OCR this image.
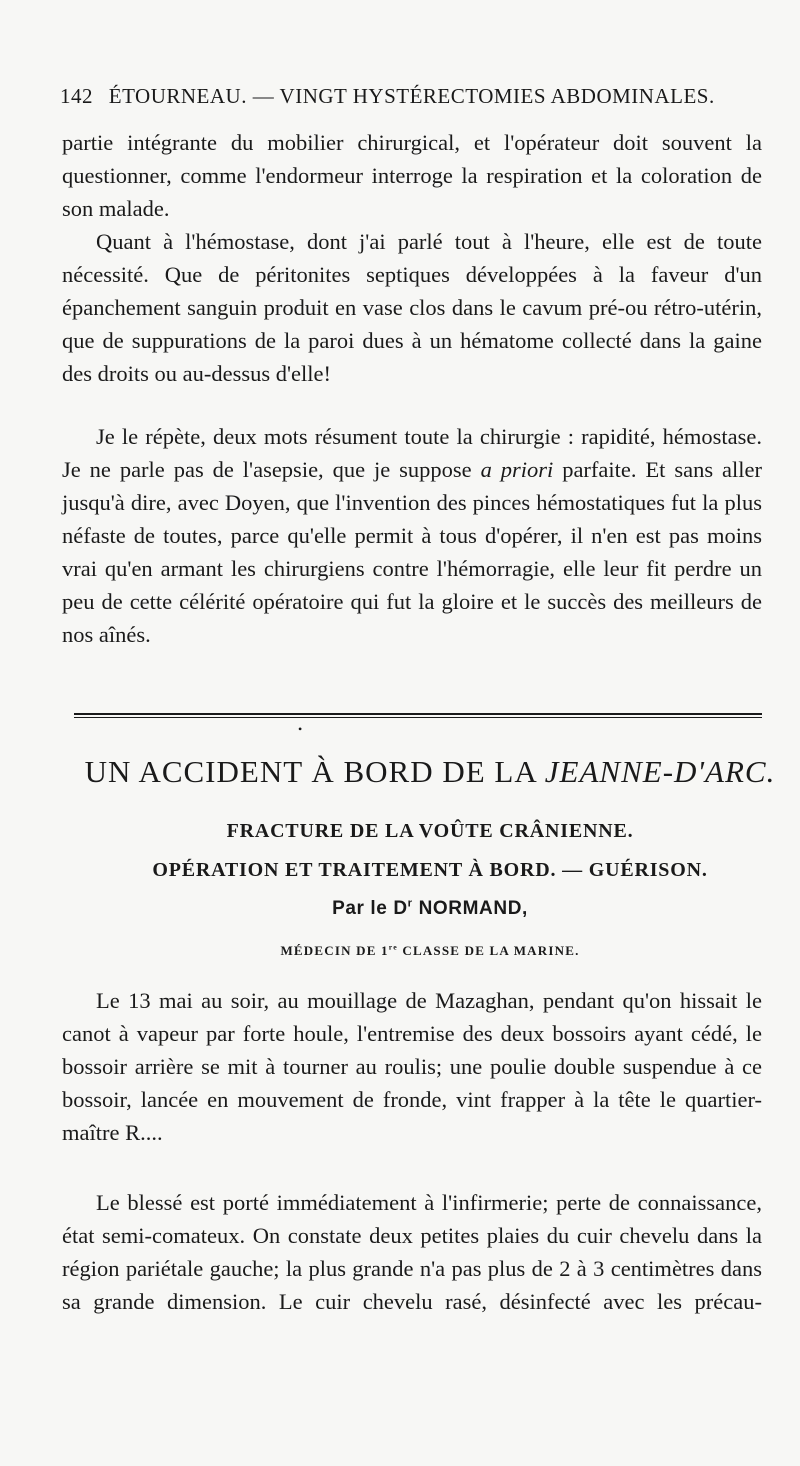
142 ÉTOURNEAU. — VINGT HYSTÉRECTOMIES ABDOMINALES.

partie intégrante du mobilier chirurgical, et l'opérateur doit souvent la questionner, comme l'endormeur interroge la respiration et la coloration de son malade.

Quant à l'hémostase, dont j'ai parlé tout à l'heure, elle est de toute nécessité. Que de péritonites septiques développées à la faveur d'un épanchement sanguin produit en vase clos dans le cavum pré-ou rétro-utérin, que de suppurations de la paroi dues à un hématome collecté dans la gaine des droits ou au-dessus d'elle!

Je le répète, deux mots résument toute la chirurgie : rapidité, hémostase. Je ne parle pas de l'asepsie, que je suppose a priori parfaite. Et sans aller jusqu'à dire, avec Doyen, que l'invention des pinces hémostatiques fut la plus néfaste de toutes, parce qu'elle permit à tous d'opérer, il n'en est pas moins vrai qu'en armant les chirurgiens contre l'hémorragie, elle leur fit perdre un peu de cette célérité opératoire qui fut la gloire et le succès des meilleurs de nos aînés.

•
UN ACCIDENT À BORD DE LA JEANNE-D'ARC.
FRACTURE DE LA VOÛTE CRÂNIENNE.
OPÉRATION ET TRAITEMENT À BORD. — GUÉRISON.
Par le $D^r$ NORMAND,
MÉDECIN DE 1re CLASSE DE LA MARINE.

Le 13 mai au soir, au mouillage de Mazaghan, pendant qu'on hissait le canot à vapeur par forte houle, l'entremise des deux bossoirs ayant cédé, le bossoir arrière se mit à tourner au roulis; une poulie double suspendue à ce bossoir, lancée en mouvement de fronde, vint frapper à la tête le quartier-maître R....

Le blessé est porté immédiatement à l'infirmerie; perte de connaissance, état semi-comateux. On constate deux petites plaies du cuir chevelu dans la région pariétale gauche; la plus grande n'a pas plus de 2 à 3 centimètres dans sa grande dimension. Le cuir chevelu rasé, désinfecté avec les précau-
